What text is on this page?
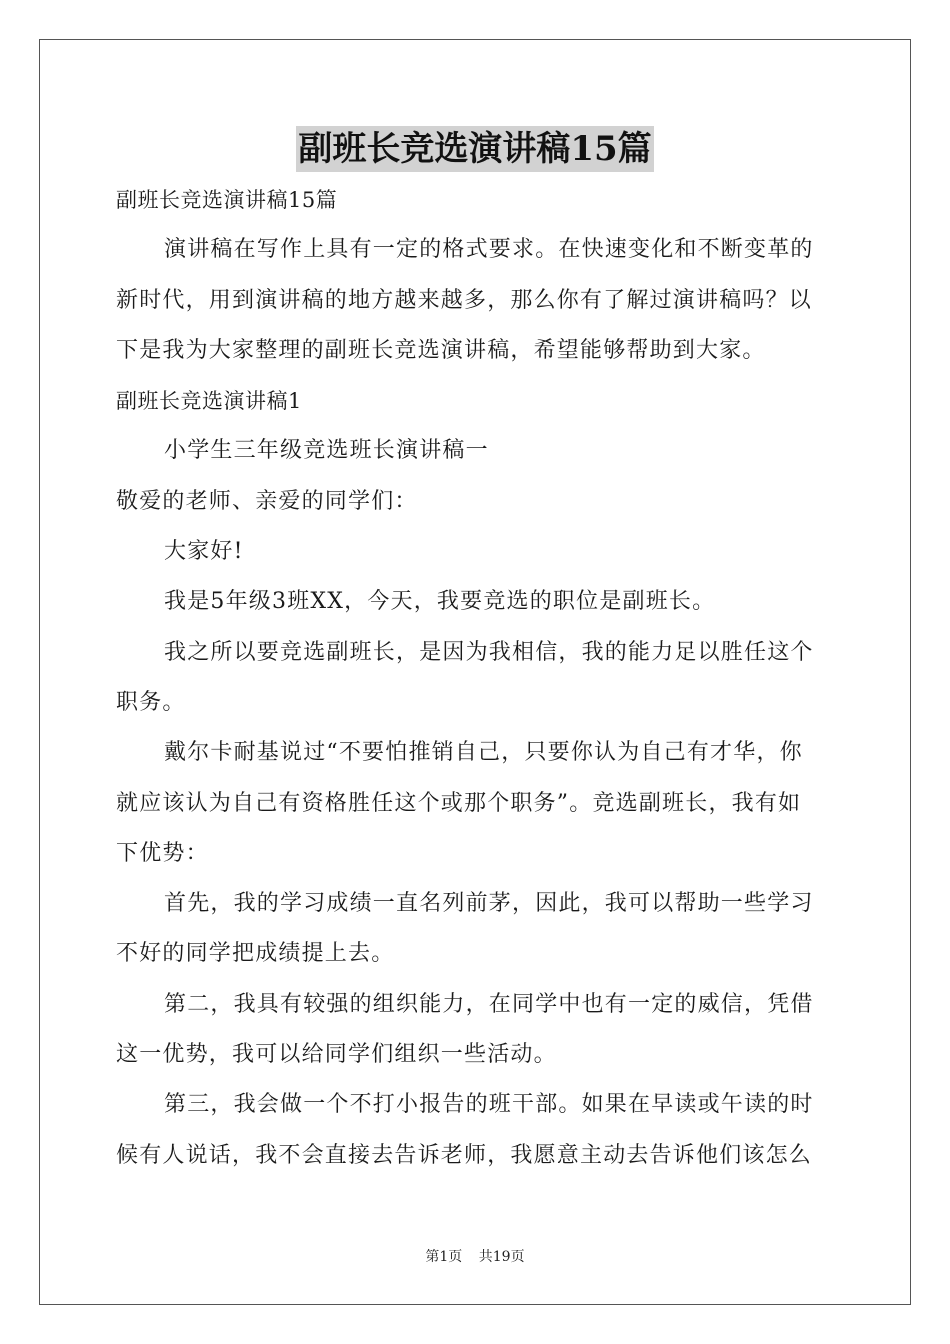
副班长竞选演讲稿15篇
副班长竞选演讲稿15篇
演讲稿在写作上具有一定的格式要求。在快速变化和不断变革的
新时代，用到演讲稿的地方越来越多，那么你有了解过演讲稿吗？以
下是我为大家整理的副班长竞选演讲稿，希望能够帮助到大家。
副班长竞选演讲稿1
小学生三年级竞选班长演讲稿一
敬爱的老师、亲爱的同学们：
大家好!
我是5年级3班XX，今天，我要竞选的职位是副班长。
我之所以要竞选副班长，是因为我相信，我的能力足以胜任这个
职务。
戴尔卡耐基说过“不要怕推销自己，只要你认为自己有才华，你
就应该认为自己有资格胜任这个或那个职务”。竞选副班长，我有如
下优势：
首先，我的学习成绩一直名列前茅，因此，我可以帮助一些学习
不好的同学把成绩提上去。
第二，我具有较强的组织能力，在同学中也有一定的威信，凭借
这一优势，我可以给同学们组织一些活动。
第三，我会做一个不打小报告的班干部。如果在早读或午读的时
候有人说话，我不会直接去告诉老师，我愿意主动去告诉他们该怎么
第1页 共19页
